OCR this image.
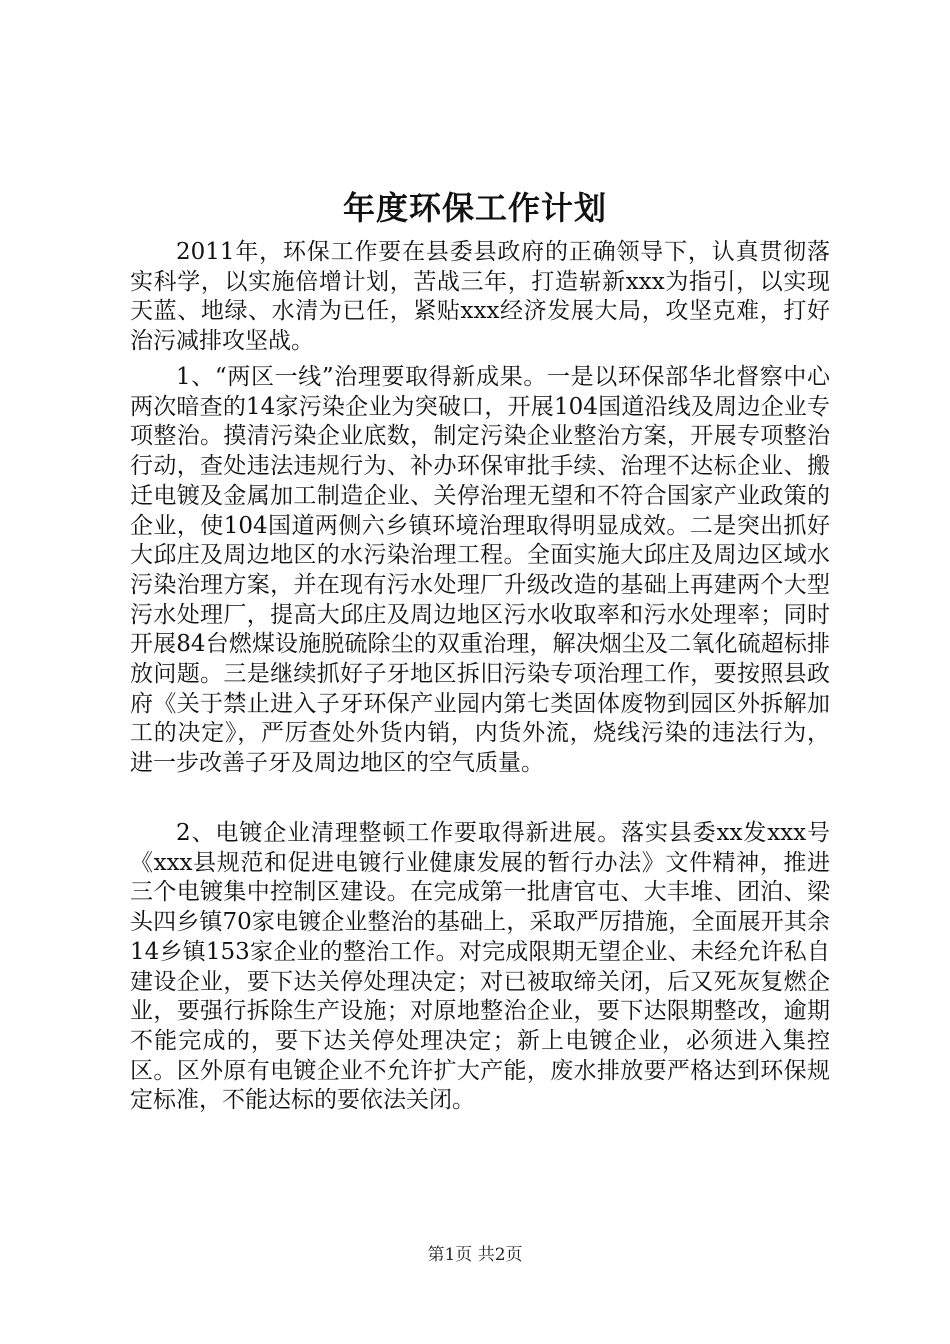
年度环保工作计划

2011年，环保工作要在县委县政府的正确领导下，认真贯彻落实科学，以实施倍增计划，苦战三年，打造崭新xxx为指引，以实现天蓝、地绿、水清为已任，紧贴xxx经济发展大局，攻坚克难，打好治污减排攻坚战。

1、“两区一线”治理要取得新成果。一是以环保部华北督察中心两次暗查的14家污染企业为突破口，开展104国道沿线及周边企业专项整治。摸清污染企业底数，制定污染企业整治方案，开展专项整治行动，查处违法违规行为、补办环保审批手续、治理不达标企业、搬迁电镀及金属加工制造企业、关停治理无望和不符合国家产业政策的企业，使104国道两侧六乡镇环境治理取得明显成效。二是突出抓好大邱庄及周边地区的水污染治理工程。全面实施大邱庄及周边区域水污染治理方案，并在现有污水处理厂升级改造的基础上再建两个大型污水处理厂，提高大邱庄及周边地区污水收取率和污水处理率；同时开展84台燃煤设施脱硫除尘的双重治理，解决烟尘及二氧化硫超标排放问题。三是继续抓好子牙地区拆旧污染专项治理工作，要按照县政府《关于禁止进入子牙环保产业园内第七类固体废物到园区外拆解加工的决定》，严厉查处外货内销，内货外流，烧线污染的违法行为，进一步改善子牙及周边地区的空气质量。

2、电镀企业清理整顿工作要取得新进展。落实县委xx发xxx号《xxx县规范和促进电镀行业健康发展的暂行办法》文件精神，推进三个电镀集中控制区建设。在完成第一批唐官屯、大丰堆、团泊、梁头四乡镇70家电镀企业整治的基础上，采取严厉措施，全面展开其余14乡镇153家企业的整治工作。对完成限期无望企业、未经允许私自建设企业，要下达关停处理决定；对已被取缔关闭，后又死灰复燃企业，要强行拆除生产设施；对原地整治企业，要下达限期整改，逾期不能完成的，要下达关停处理决定；新上电镀企业，必须进入集控区。区外原有电镀企业不允许扩大产能，废水排放要严格达到环保规定标准，不能达标的要依法关闭。

第1页 共2页
